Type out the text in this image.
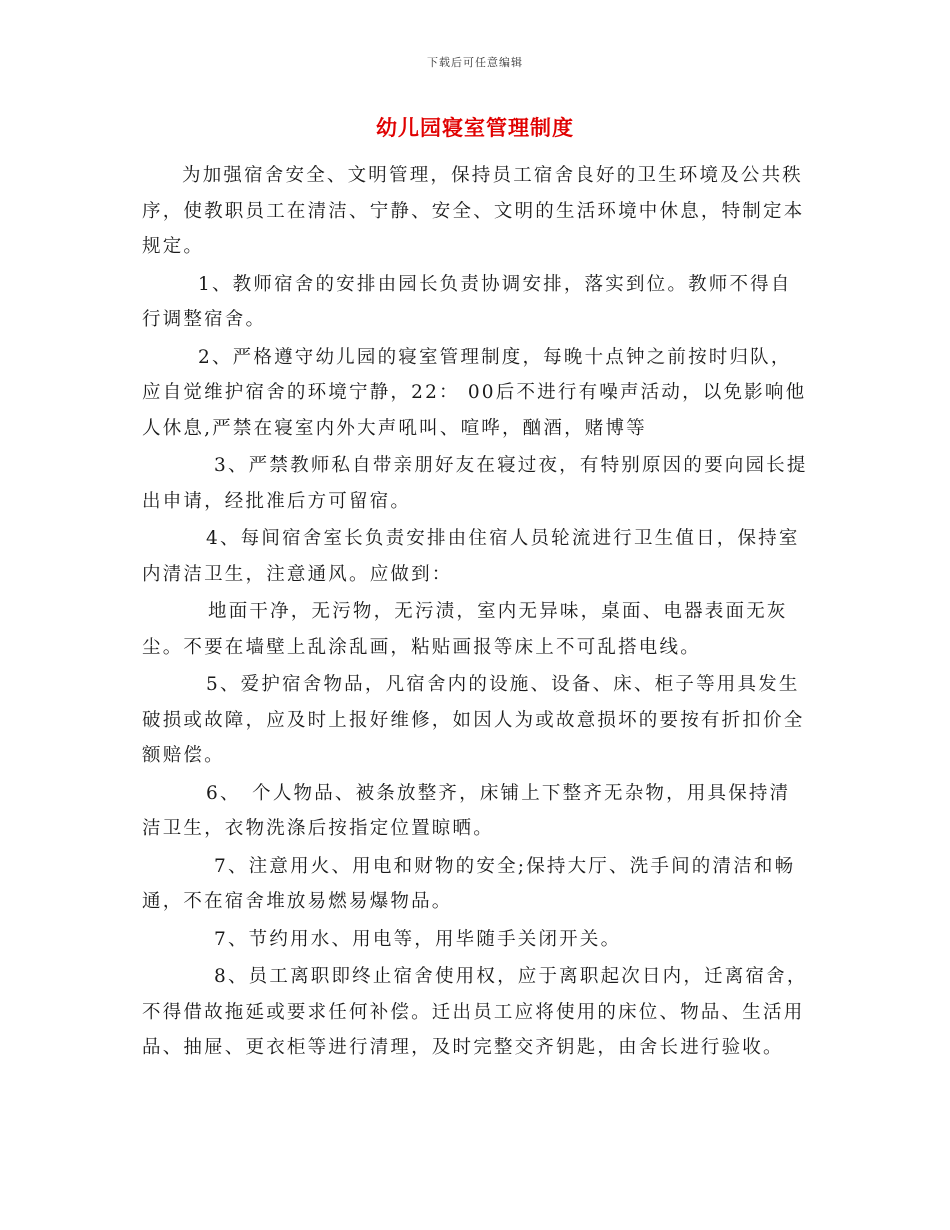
下载后可任意编辑
幼儿园寝室管理制度

为加强宿舍安全、文明管理，保持员工宿舍良好的卫生环境及公共秩序，使教职员工在清洁、宁静、安全、文明的生活环境中休息，特制定本规定。

1、教师宿舍的安排由园长负责协调安排，落实到位。教师不得自行调整宿舍。

2、严格遵守幼儿园的寝室管理制度，每晚十点钟之前按时归队，应自觉维护宿舍的环境宁静，22： 00后不进行有噪声活动，以免影响他人休息,严禁在寝室内外大声吼叫、喧哗，酗酒，赌博等

3、严禁教师私自带亲朋好友在寝过夜，有特别原因的要向园长提出申请，经批准后方可留宿。

4、每间宿舍室长负责安排由住宿人员轮流进行卫生值日，保持室内清洁卫生，注意通风。应做到：

地面干净，无污物，无污渍，室内无异味，桌面、电器表面无灰尘。不要在墙壁上乱涂乱画，粘贴画报等床上不可乱搭电线。

5、爱护宿舍物品，凡宿舍内的设施、设备、床、柜子等用具发生破损或故障，应及时上报好维修，如因人为或故意损坏的要按有折扣价全额赔偿。

6、　个人物品、被条放整齐，床铺上下整齐无杂物，用具保持清洁卫生，衣物洗涤后按指定位置晾晒。

7、注意用火、用电和财物的安全;保持大厅、洗手间的清洁和畅通，不在宿舍堆放易燃易爆物品。

7、节约用水、用电等，用毕随手关闭开关。

8、员工离职即终止宿舍使用权，应于离职起次日内，迁离宿舍，不得借故拖延或要求任何补偿。迁出员工应将使用的床位、物品、生活用品、抽屉、更衣柜等进行清理，及时完整交齐钥匙，由舍长进行验收。
